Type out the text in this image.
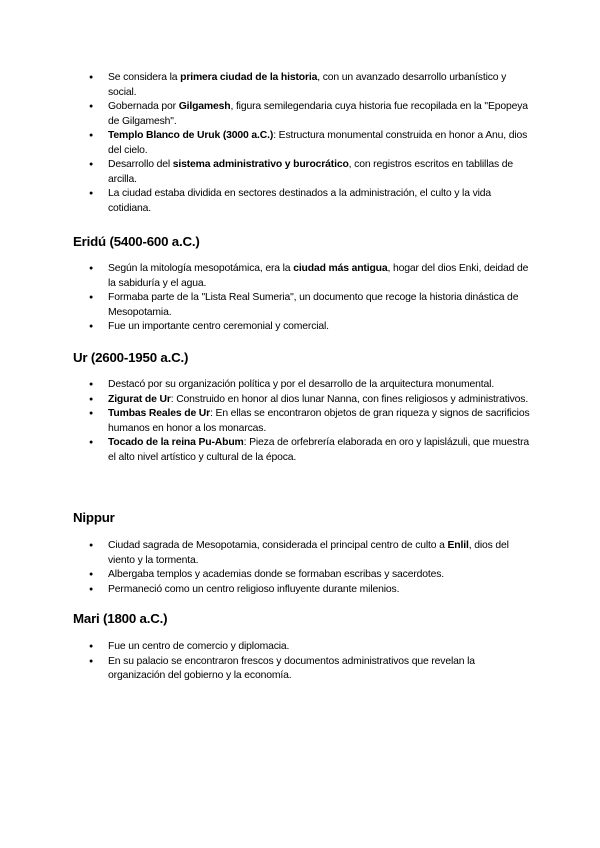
● Se considera la primera ciudad de la historia, con un avanzado desarrollo urbanístico y social.
● Gobernada por Gilgamesh, figura semilegendaria cuya historia fue recopilada en la "Epopeya de Gilgamesh".
● Templo Blanco de Uruk (3000 a.C.): Estructura monumental construida en honor a Anu, dios del cielo.
● Desarrollo del sistema administrativo y burocrático, con registros escritos en tablillas de arcilla.
● La ciudad estaba dividida en sectores destinados a la administración, el culto y la vida cotidiana.
Eridú (5400-600 a.C.)
● Según la mitología mesopotámica, era la ciudad más antigua, hogar del dios Enki, deidad de la sabiduría y el agua.
● Formaba parte de la "Lista Real Sumeria", un documento que recoge la historia dinástica de Mesopotamia.
● Fue un importante centro ceremonial y comercial.
Ur (2600-1950 a.C.)
● Destacó por su organización política y por el desarrollo de la arquitectura monumental.
● Zigurat de Ur: Construido en honor al dios lunar Nanna, con fines religiosos y administrativos.
● Tumbas Reales de Ur: En ellas se encontraron objetos de gran riqueza y signos de sacrificios humanos en honor a los monarcas.
● Tocado de la reina Pu-Abum: Pieza de orfebrería elaborada en oro y lapislázuli, que muestra el alto nivel artístico y cultural de la época.
Nippur
● Ciudad sagrada de Mesopotamia, considerada el principal centro de culto a Enlil, dios del viento y la tormenta.
● Albergaba templos y academias donde se formaban escribas y sacerdotes.
● Permaneció como un centro religioso influyente durante milenios.
Mari (1800 a.C.)
● Fue un centro de comercio y diplomacia.
● En su palacio se encontraron frescos y documentos administrativos que revelan la organización del gobierno y la economía.
